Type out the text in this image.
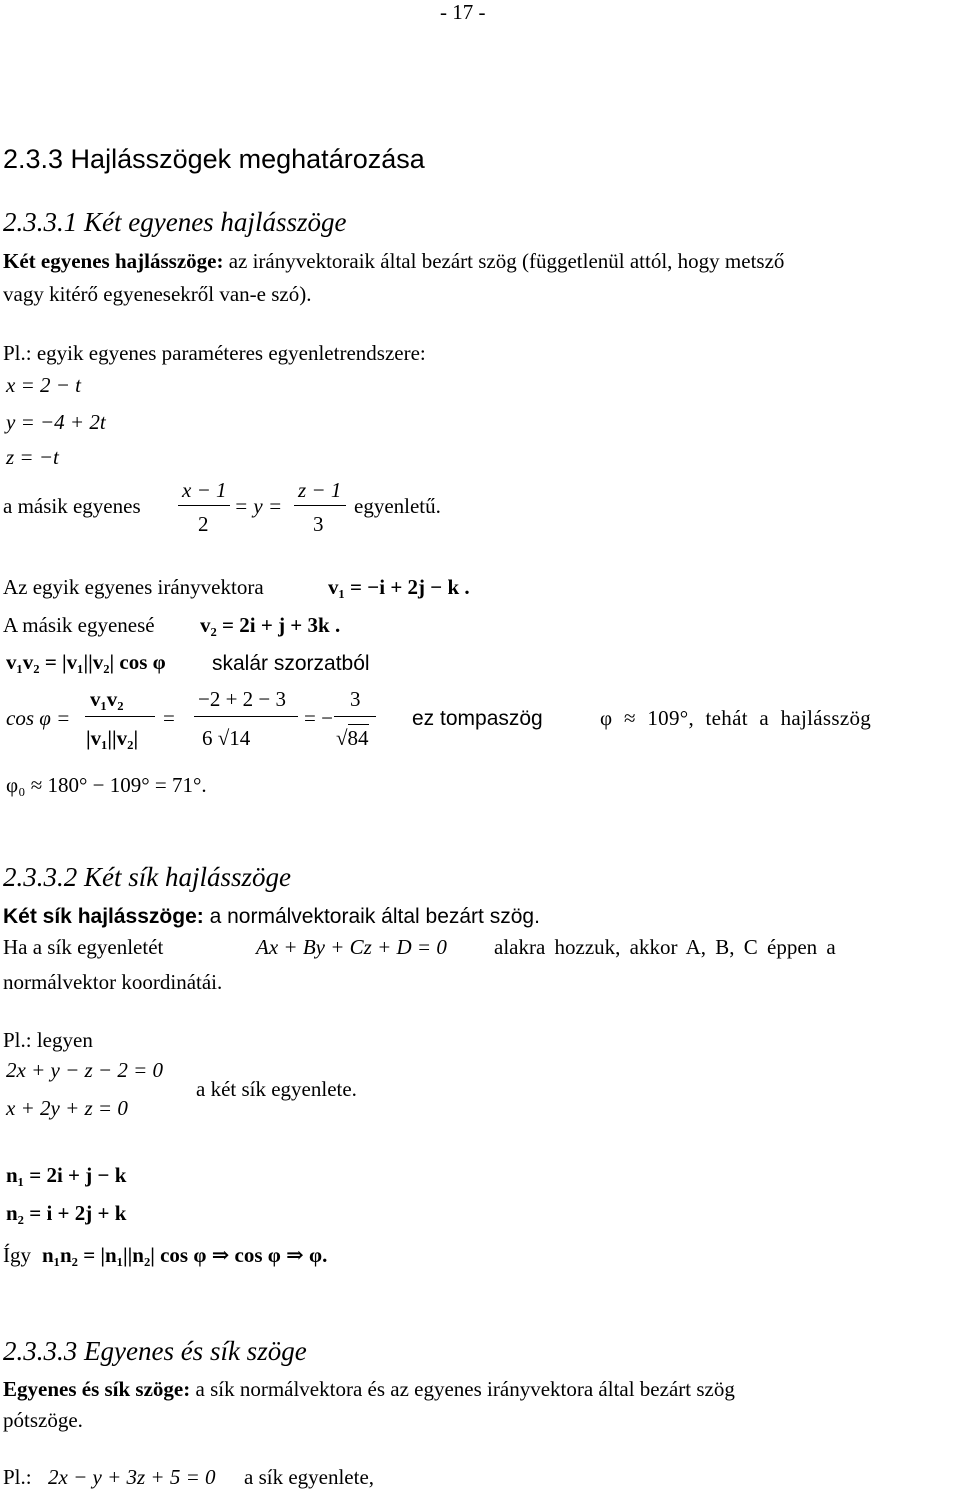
- 17 -
2.3.3 Hajlásszögek meghatározása
2.3.3.1 Két egyenes hajlásszöge
Két egyenes hajlásszöge: az irányvektoraik által bezárt szög (függetlenül attól, hogy metsző
vagy kitérő egyenesekről van-e szó).
Pl.: egyik egyenes paraméteres egyenletrendszere:
x = 2 − t
y = −4 + 2t
z = −t
a másik egyenes
x − 1
2
= y =
z − 1
3
egyenletű.
Az egyik egyenes irányvektora	v₁ = −i + 2j − k .
A másik egyenesé v₂ = 2i + j + 3k .
v₁v₂ = |v₁||v₂| cos φ skalár szorzatból
cos φ =
v₁v₂
|v₁||v₂|
=
−2 + 2 − 3
6 √14
= −
3
√84
ez tompaszög	φ ≈ 109°, tehát a hajlásszög
φ₀ ≈ 180° − 109° = 71°.
2.3.3.2 Két sík hajlásszöge
Két sík hajlásszöge: a normálvektoraik által bezárt szög.
Ha a sík egyenletét	Ax + By + Cz + D = 0 alakra hozzuk, akkor A, B, C éppen a
normálvektor koordinátái.
Pl.: legyen
2x + y − z − 2 = 0
x + 2y + z = 0
a két sík egyenlete.
n₁ = 2i + j − k
n₂ = i + 2j + k
Így n₁n₂ = |n₁||n₂| cos φ ⇒ cos φ ⇒ φ.
2.3.3.3 Egyenes és sík szöge
Egyenes és sík szöge: a sík normálvektora és az egyenes irányvektora által bezárt szög
pótszöge.
Pl.: 2x − y + 3z + 5 = 0 a sík egyenlete,
